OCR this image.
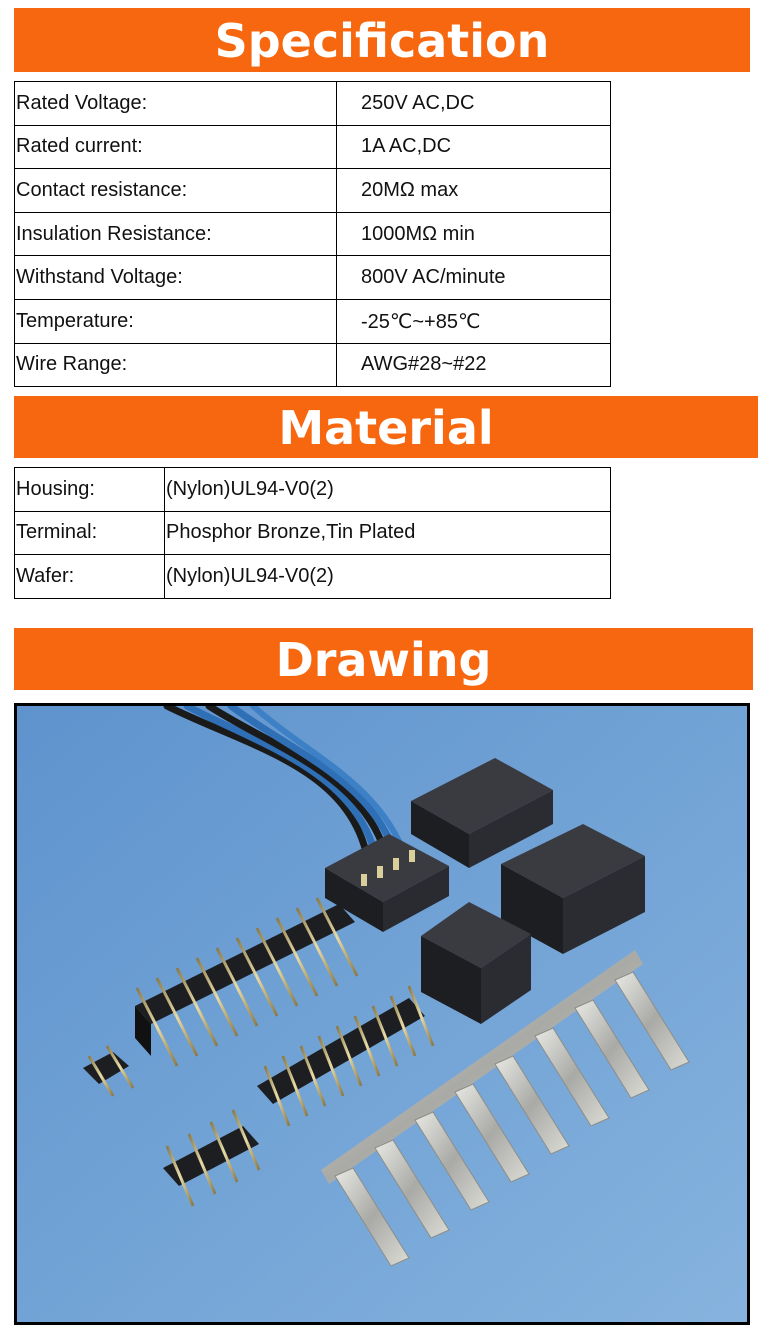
Specification
Rated Voltage:	250V AC,DC
Rated current:	1A AC,DC
Contact resistance:	20MΩ max
Insulation Resistance:	1000MΩ min
Withstand Voltage:	800V AC/minute
Temperature:	-25℃~+85℃
Wire Range:	AWG#28~#22
Material
Housing:	(Nylon)UL94-V0(2)
Terminal:	Phosphor Bronze,Tin Plated
Wafer:	(Nylon)UL94-V0(2)
Drawing
